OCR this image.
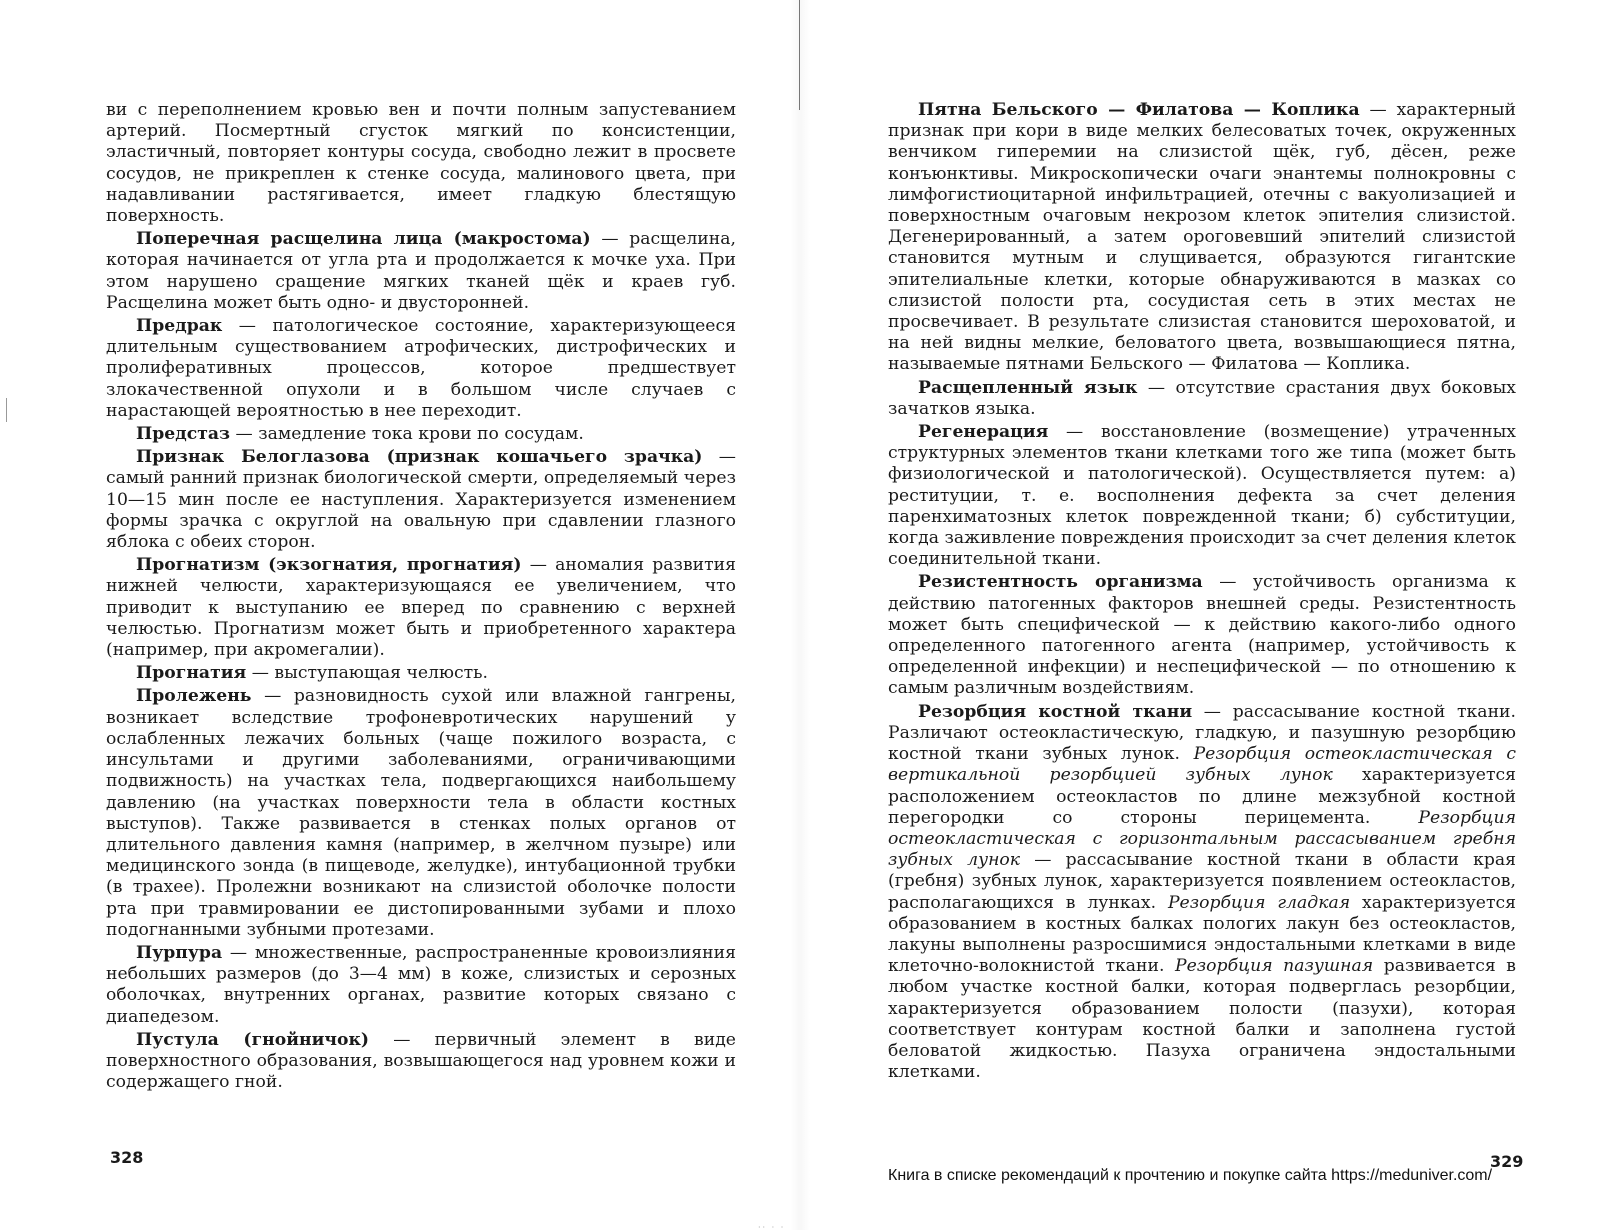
ви с переполнением кровью вен и почти полным запустеванием артерий. Посмертный сгусток мягкий по консистенции, эластичный, повторяет контуры сосуда, свободно лежит в просвете сосудов, не прикреплен к стенке сосуда, малинового цвета, при надавливании растягивается, имеет гладкую блестящую поверхность.

Поперечная расщелина лица (макростома) — расщелина, которая начинается от угла рта и продолжается к мочке уха. При этом нарушено сращение мягких тканей щёк и краев губ. Расщелина может быть одно- и двусторонней.

Предрак — патологическое состояние, характеризующееся длительным существованием атрофических, дистрофических и пролиферативных процессов, которое предшествует злокачественной опухоли и в большом числе случаев с нарастающей вероятностью в нее переходит.

Предстаз — замедление тока крови по сосудам.

Признак Белоглазова (признак кошачьего зрачка) — самый ранний признак биологической смерти, определяемый через 10—15 мин после ее наступления. Характеризуется изменением формы зрачка с округлой на овальную при сдавлении глазного яблока с обеих сторон.

Прогнатизм (экзогнатия, прогнатия) — аномалия развития нижней челюсти, характеризующаяся ее увеличением, что приводит к выступанию ее вперед по сравнению с верхней челюстью. Прогнатизм может быть и приобретенного характера (например, при акромегалии).

Прогнатия — выступающая челюсть.

Пролежень — разновидность сухой или влажной гангрены, возникает вследствие трофоневротических нарушений у ослабленных лежачих больных (чаще пожилого возраста, с инсультами и другими заболеваниями, ограничивающими подвижность) на участках тела, подвергающихся наибольшему давлению (на участках поверхности тела в области костных выступов). Также развивается в стенках полых органов от длительного давления камня (например, в желчном пузыре) или медицинского зонда (в пищеводе, желудке), интубационной трубки (в трахее). Пролежни возникают на слизистой оболочке полости рта при травмировании ее дистопированными зубами и плохо подогнанными зубными протезами.

Пурпура — множественные, распространенные кровоизлияния небольших размеров (до 3—4 мм) в коже, слизистых и серозных оболочках, внутренних органах, развитие которых связано с диапедезом.

Пустула (гнойничок) — первичный элемент в виде поверхностного образования, возвышающегося над уровнем кожи и содержащего гной.

Пятна Бельского — Филатова — Коплика — характерный признак при кори в виде мелких белесоватых точек, окруженных венчиком гиперемии на слизистой щёк, губ, дёсен, реже конъюнктивы. Микроскопически очаги энантемы полнокровны с лимфогистиоцитарной инфильтрацией, отечны с вакуолизацией и поверхностным очаговым некрозом клеток эпителия слизистой. Дегенерированный, а затем ороговевший эпителий слизистой становится мутным и слущивается, образуются гигантские эпителиальные клетки, которые обнаруживаются в мазках со слизистой полости рта, сосудистая сеть в этих местах не просвечивает. В результате слизистая становится шероховатой, и на ней видны мелкие, беловатого цвета, возвышающиеся пятна, называемые пятнами Бельского — Филатова — Коплика.

Расщепленный язык — отсутствие срастания двух боковых зачатков языка.

Регенерация — восстановление (возмещение) утраченных структурных элементов ткани клетками того же типа (может быть физиологической и патологической). Осуществляется путем: а) реституции, т. е. восполнения дефекта за счет деления паренхиматозных клеток поврежденной ткани; б) субституции, когда заживление повреждения происходит за счет деления клеток соединительной ткани.

Резистентность организма — устойчивость организма к действию патогенных факторов внешней среды. Резистентность может быть специфической — к действию какого-либо одного определенного патогенного агента (например, устойчивость к определенной инфекции) и неспецифической — по отношению к самым различным воздействиям.

Резорбция костной ткани — рассасывание костной ткани. Различают остеокластическую, гладкую, и пазушную резорбцию костной ткани зубных лунок. Резорбция остеокластическая с вертикальной резорбцией зубных лунок характеризуется расположением остеокластов по длине межзубной костной перегородки со стороны перицемента. Резорбция остеокластическая с горизонтальным рассасыванием гребня зубных лунок — рассасывание костной ткани в области края (гребня) зубных лунок, характеризуется появлением остеокластов, располагающихся в лунках. Резорбция гладкая характеризуется образованием в костных балках пологих лакун без остеокластов, лакуны выполнены разросшимися эндостальными клетками в виде клеточно-волокнистой ткани. Резорбция пазушная развивается в любом участке костной балки, которая подверглась резорбции, характеризуется образованием полости (пазухи), которая соответствует контурам костной балки и заполнена густой беловатой жидкостью. Пазуха ограничена эндостальными клетками.

328	329
Книга в списке рекомендаций к прочтению и покупке сайта https://meduniver.com/
·· · ·
